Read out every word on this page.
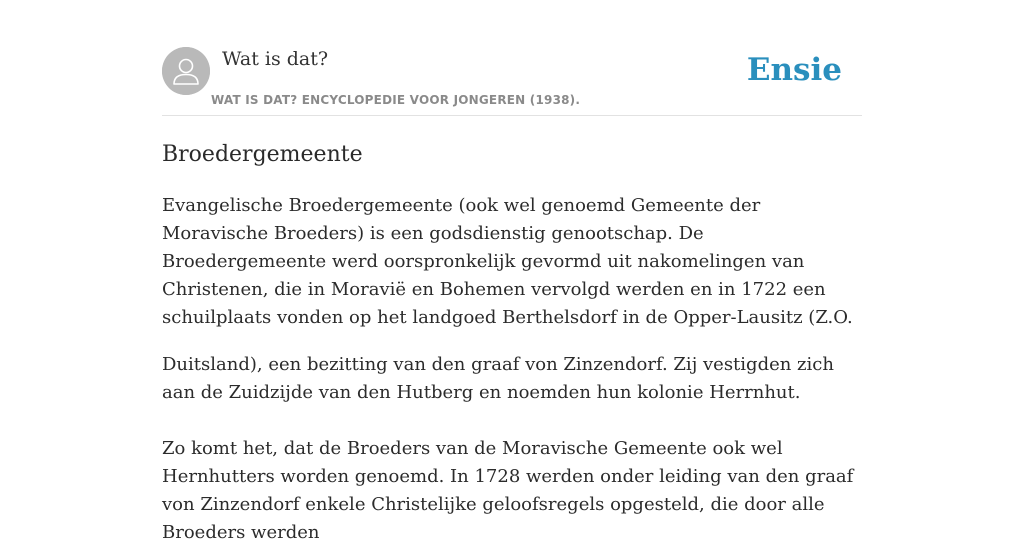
Wat is dat?
WAT IS DAT? ENCYCLOPEDIE VOOR JONGEREN (1938).
Ensie
Broedergemeente

Evangelische Broedergemeente (ook wel genoemd Gemeente der Moravische Broeders) is een godsdienstig genootschap. De Broedergemeente werd oorspronkelijk gevormd uit nakomelingen van Christenen, die in Moravië en Bohemen vervolgd werden en in 1722 een schuilplaats vonden op het landgoed Berthelsdorf in de Opper-Lausitz (Z.O.

Duitsland), een bezitting van den graaf von Zinzendorf. Zij vestigden zich aan de Zuidzijde van den Hutberg en noemden hun kolonie Herrnhut.

Zo komt het, dat de Broeders van de Moravische Gemeente ook wel Hernhutters worden genoemd. In 1728 werden onder leiding van den graaf von Zinzendorf enkele Christelijke geloofsregels opgesteld, die door alle Broeders werden
